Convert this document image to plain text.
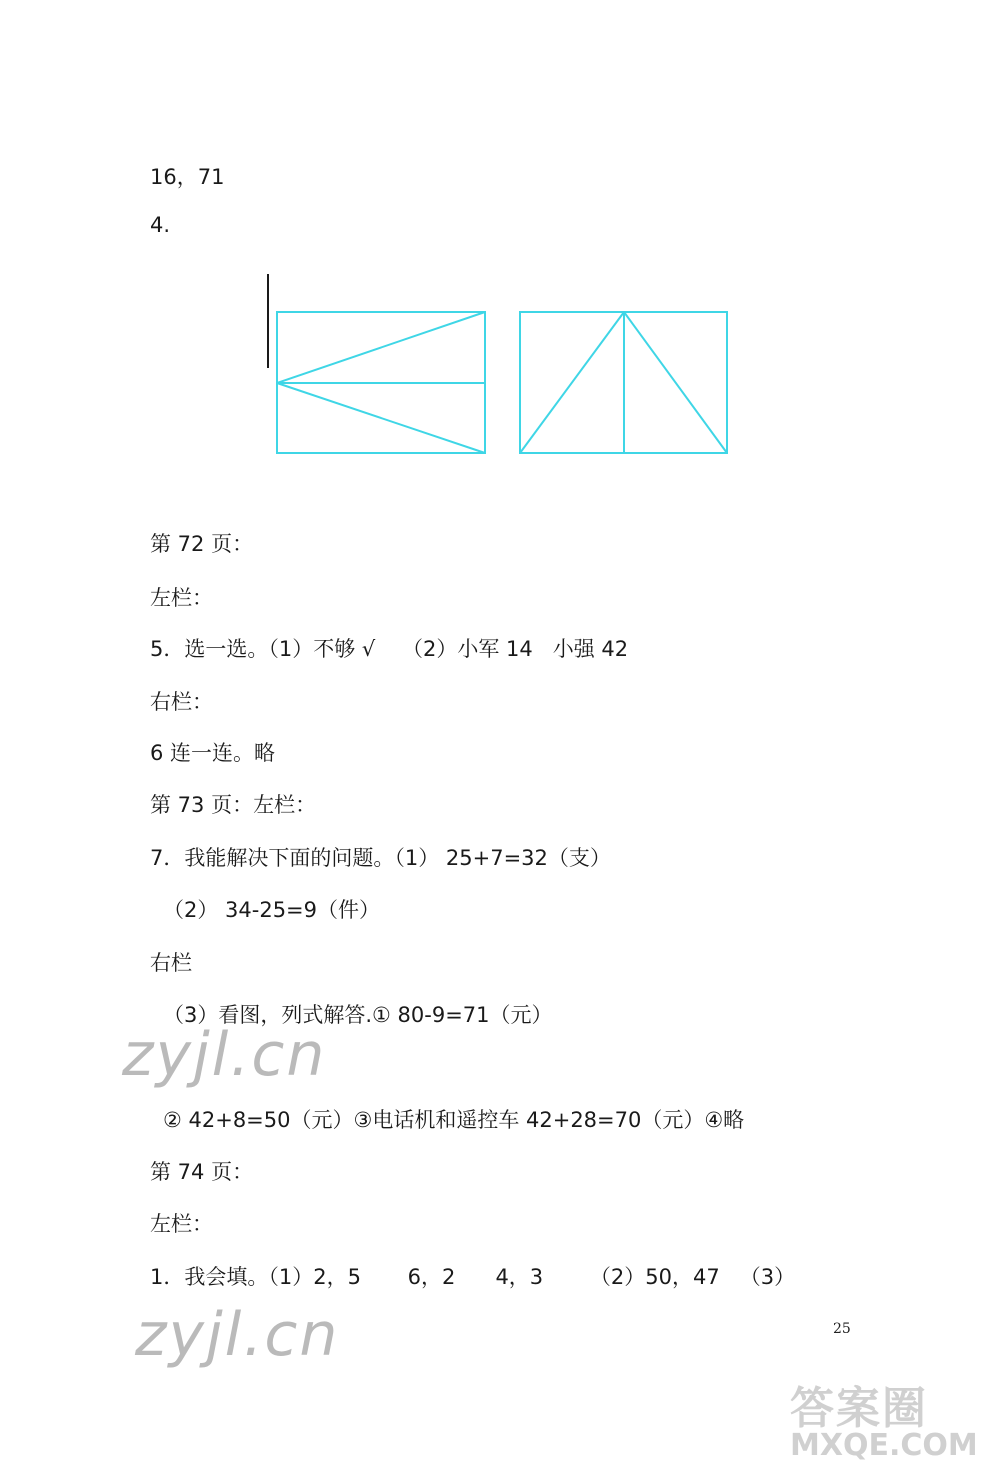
16，71
4.
第 72 页：
左栏：
5．选一选。（1）不够 √    （2）小军 14   小强 42
右栏：
6 连一连。略
第 73 页：左栏：
7．我能解决下面的问题。（1） 25+7=32（支）
（2） 34-25=9（件）
右栏
（3）看图，列式解答.① 80-9=71（元）
② 42+8=50（元）③电话机和遥控车 42+28=70（元）④略
第 74 页：
左栏：
1．我会填。（1）2，5       6，2      4，3       （2）50，47   （3）
zyjl.cn
zyjl.cn	25
答案圈
MXQE.COM
